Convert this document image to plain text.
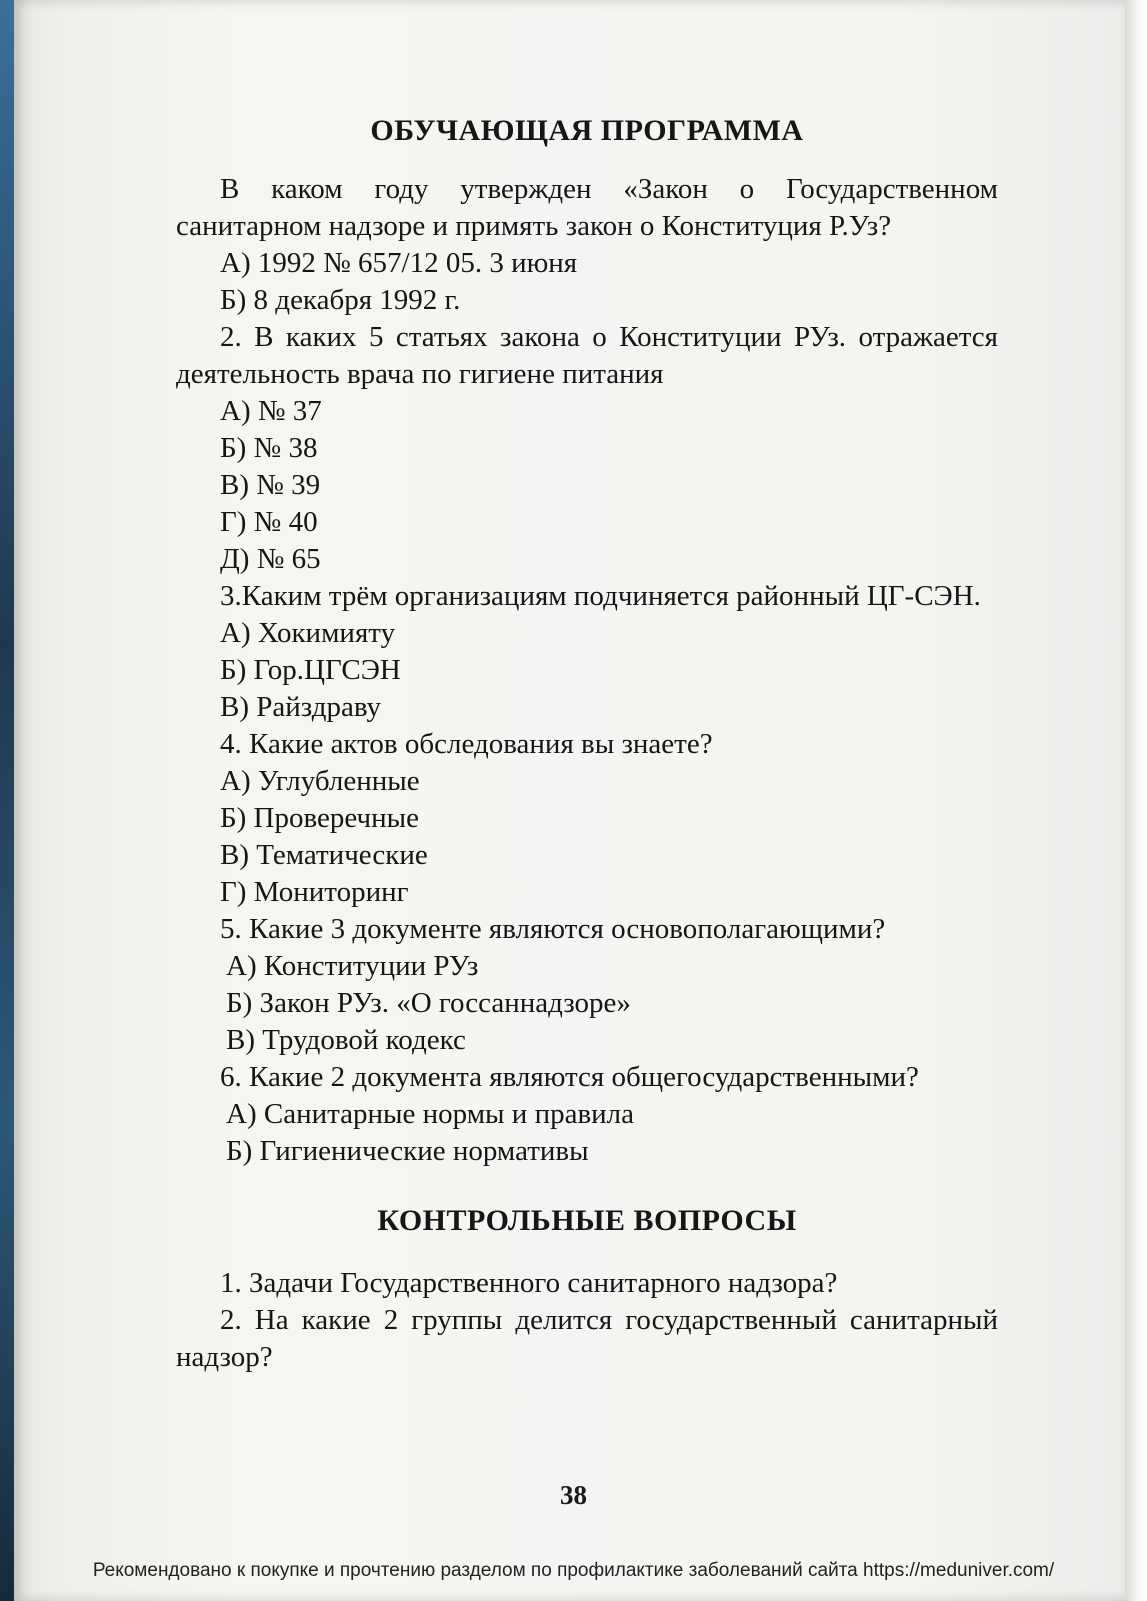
ОБУЧАЮЩАЯ ПРОГРАММА

В каком году утвержден «Закон о Государственном санитарном надзоре и примять закон о Конституция Р.Уз?

А) 1992 № 657/12 05. 3 июня

Б) 8 декабря 1992 г.

2. В каких 5 статьях закона о Конституции РУз. отражается деятельность врача по гигиене питания

А) № 37

Б) № 38

В) № 39

Г) № 40

Д) № 65

3.Каким трём организациям подчиняется районный ЦГ-СЭН.

А) Хокимияту

Б) Гор.ЦГСЭН

В) Райздраву

4. Какие актов обследования вы знаете?

А) Углубленные

Б) Проверечные

В) Тематические

Г) Мониторинг

5. Какие 3 документе являются основополагающими?

А) Конституции РУз

Б) Закон РУз. «О госсаннадзоре»

В) Трудовой кодекс

6. Какие 2 документа являются общегосударственными?

А) Санитарные нормы и правила

Б) Гигиенические нормативы

КОНТРОЛЬНЫЕ ВОПРОСЫ

1. Задачи Государственного санитарного надзора?

2. На какие 2 группы делится государственный санитарный надзор?

38
Рекомендовано к покупке и прочтению разделом по профилактике заболеваний сайта https://meduniver.com/
